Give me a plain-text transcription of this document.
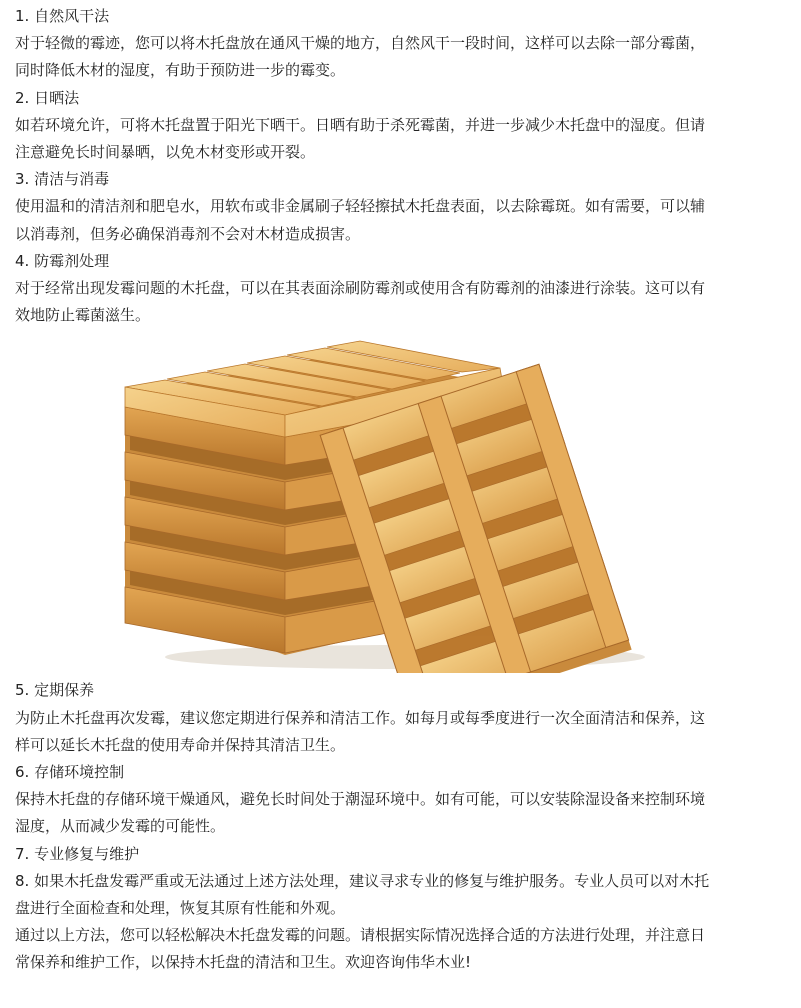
1. 自然风干法
对于轻微的霉迹，您可以将木托盘放在通风干燥的地方，自然风干一段时间，这样可以去除一部分霉菌，
同时降低木材的湿度，有助于预防进一步的霉变。
2. 日晒法
如若环境允许，可将木托盘置于阳光下晒干。日晒有助于杀死霉菌，并进一步减少木托盘中的湿度。但请
注意避免长时间暴晒，以免木材变形或开裂。
3. 清洁与消毒
使用温和的清洁剂和肥皂水，用软布或非金属刷子轻轻擦拭木托盘表面，以去除霉斑。如有需要，可以辅
以消毒剂，但务必确保消毒剂不会对木材造成损害。
4. 防霉剂处理
对于经常出现发霉问题的木托盘，可以在其表面涂刷防霉剂或使用含有防霉剂的油漆进行涂装。这可以有
效地防止霉菌滋生。
5. 定期保养
为防止木托盘再次发霉，建议您定期进行保养和清洁工作。如每月或每季度进行一次全面清洁和保养，这
样可以延长木托盘的使用寿命并保持其清洁卫生。
6. 存储环境控制
保持木托盘的存储环境干燥通风，避免长时间处于潮湿环境中。如有可能，可以安装除湿设备来控制环境
湿度，从而减少发霉的可能性。
7. 专业修复与维护
8. 如果木托盘发霉严重或无法通过上述方法处理，建议寻求专业的修复与维护服务。专业人员可以对木托
盘进行全面检查和处理，恢复其原有性能和外观。
通过以上方法，您可以轻松解决木托盘发霉的问题。请根据实际情况选择合适的方法进行处理，并注意日
常保养和维护工作，以保持木托盘的清洁和卫生。欢迎咨询伟华木业!
